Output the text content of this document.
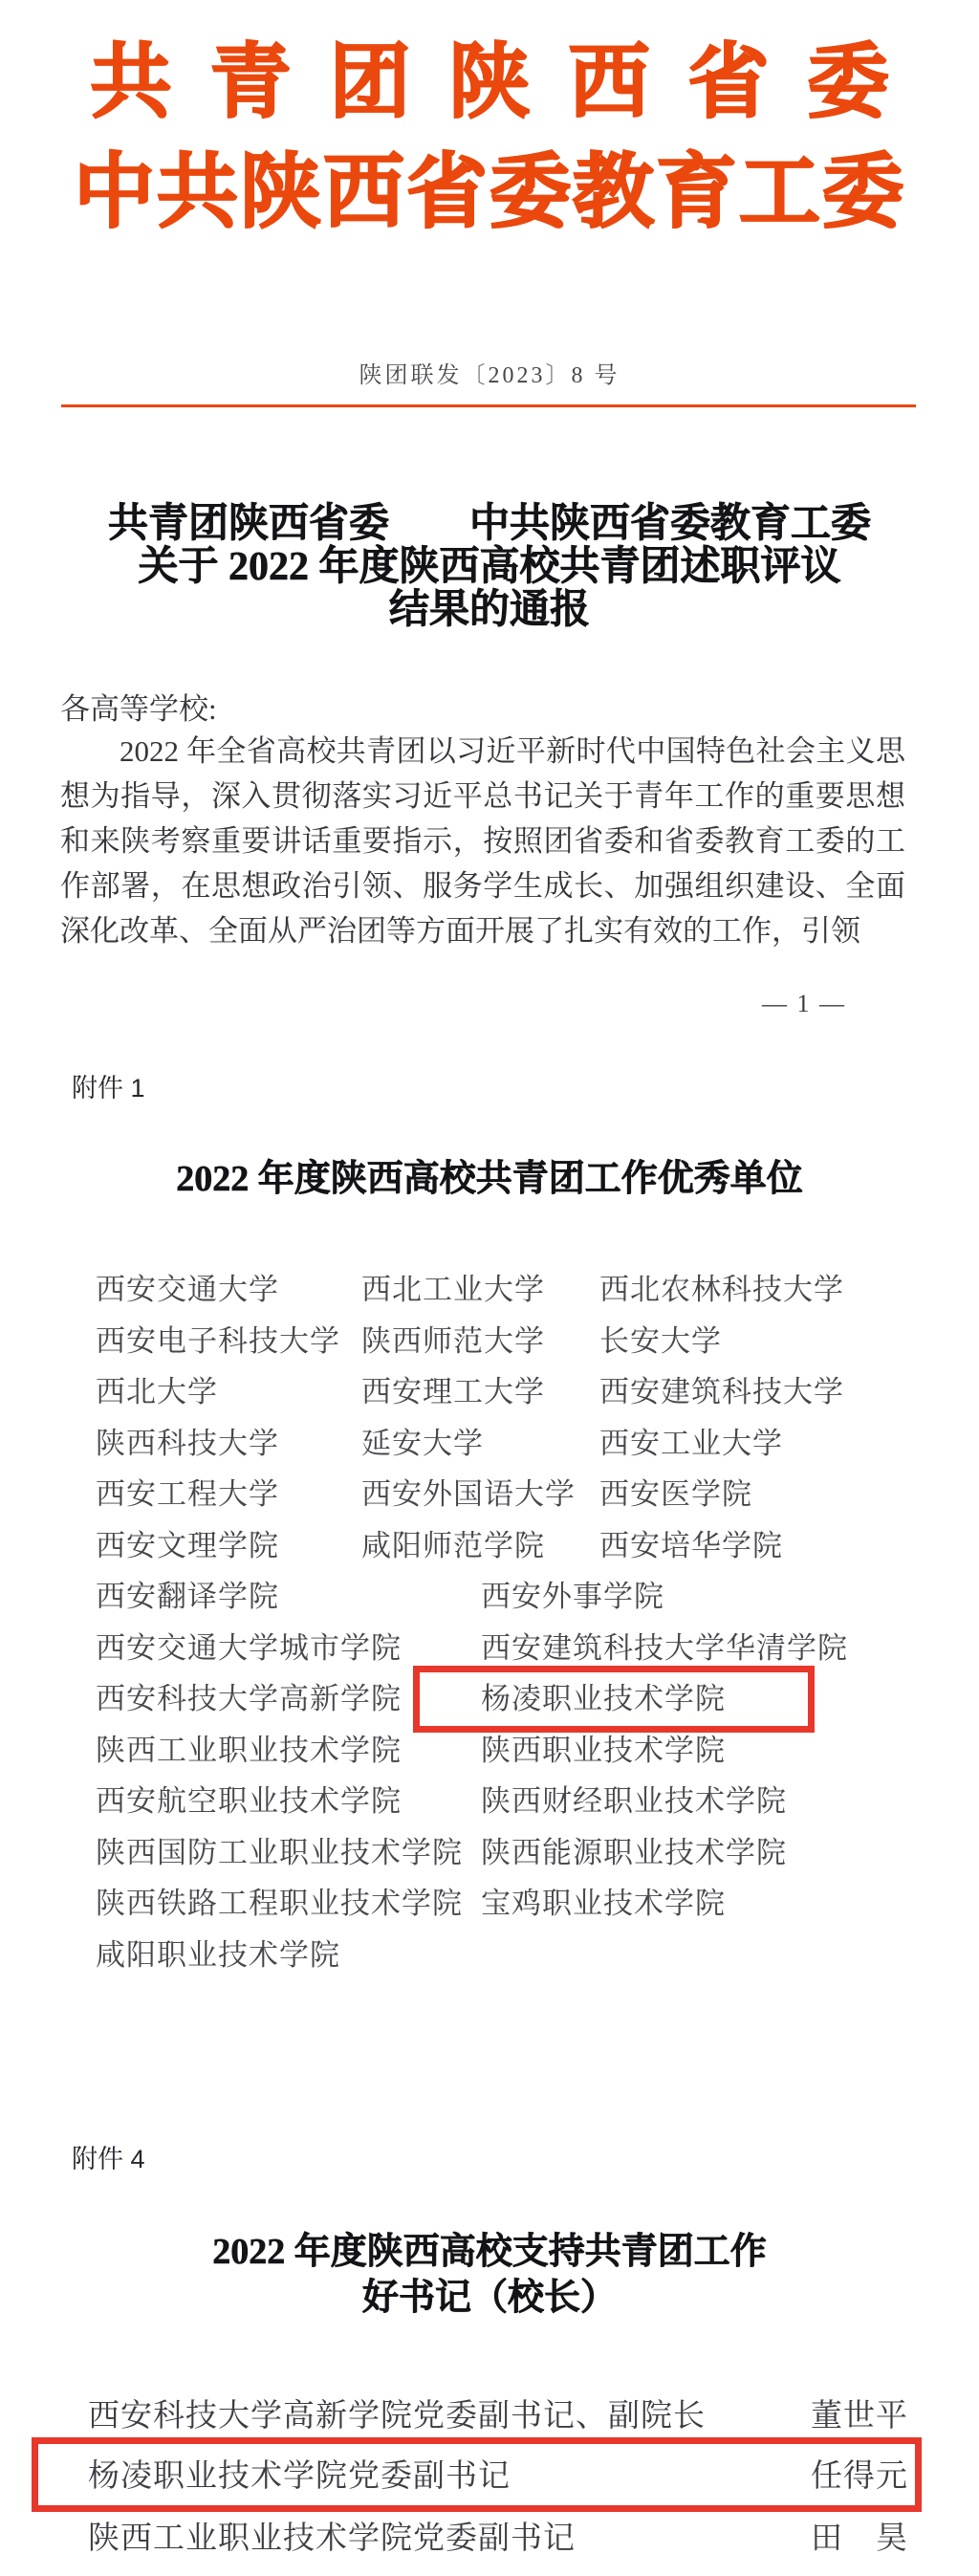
共青团陕西省委
中共陕西省委教育工委
陕团联发〔2023〕8 号
共青团陕西省委　　中共陕西省委教育工委
关于 2022 年度陕西高校共青团述职评议
结果的通报
各高等学校:

2022 年全省高校共青团以习近平新时代中国特色社会主义思想为指导，深入贯彻落实习近平总书记关于青年工作的重要思想和来陕考察重要讲话重要指示，按照团省委和省委教育工委的工作部署，在思想政治引领、服务学生成长、加强组织建设、全面深化改革、全面从严治团等方面开展了扎实有效的工作，引领

— 1 —
附件 1
2022 年度陕西高校共青团工作优秀单位
西安交通大学	西北工业大学 西北农林科技大学
西安电子科技大学 陕西师范大学 长安大学
西北大学	西安理工大学 西安建筑科技大学
陕西科技大学	延安大学	西安工业大学
西安工程大学	西安外国语大学 西安医学院
西安文理学院	咸阳师范学院 西安培华学院
西安翻译学院	西安外事学院
西安交通大学城市学院	西安建筑科技大学华清学院
西安科技大学高新学院	杨凌职业技术学院
陕西工业职业技术学院	陕西职业技术学院
西安航空职业技术学院	陕西财经职业技术学院
陕西国防工业职业技术学院 陕西能源职业技术学院
陕西铁路工程职业技术学院 宝鸡职业技术学院
咸阳职业技术学院
附件 4
2022 年度陕西高校支持共青团工作
好书记（校长）
西安科技大学高新学院党委副书记、副院长	董世平
杨凌职业技术学院党委副书记	任得元
陕西工业职业技术学院党委副书记	田　昊
